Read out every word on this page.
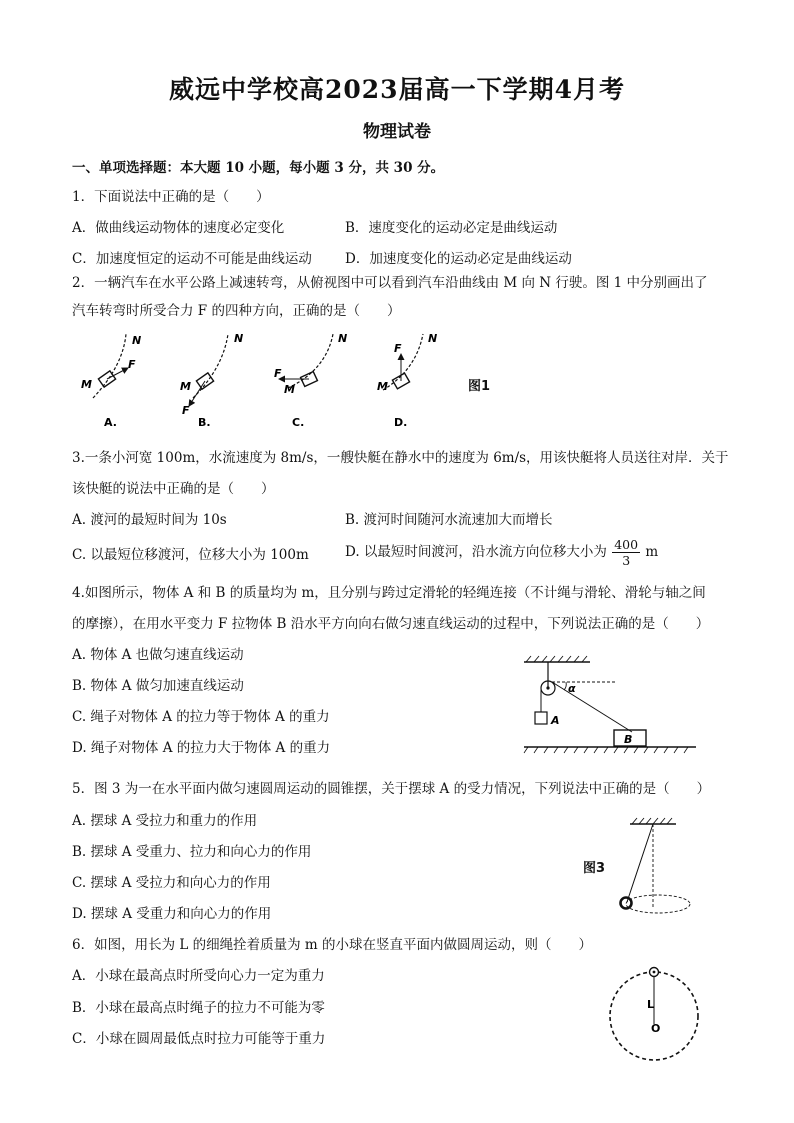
威远中学校高2023届高一下学期4月考
物理试卷
一、单项选择题：本大题 10 小题，每小题 3 分，共 30 分。
1．下面说法中正确的是（　　）
A．做曲线运动物体的速度必定变化	B．速度变化的运动必定是曲线运动
C．加速度恒定的运动不可能是曲线运动 D．加速度变化的运动必定是曲线运动
2．一辆汽车在水平公路上减速转弯，从俯视图中可以看到汽车沿曲线由 M 向 N 行驶。图 1 中分别画出了
汽车转弯时所受合力 F 的四种方向，正确的是（　　）
M
N
F
A.
M
N
F
B.
F
M
N
C.
F
M
N
D.
图1
3.一条小河宽 100m，水流速度为 8m/s，一艘快艇在静水中的速度为 6m/s，用该快艇将人员送往对岸．关于
该快艇的说法中正确的是（　　）
A. 渡河的最短时间为 10s	B. 渡河时间随河水流速加大而增长
C. 以最短位移渡河，位移大小为 100m	D. 以最短时间渡河，沿水流方向位移大小为 $\frac{400}{3}$ m
4.如图所示，物体 A 和 B 的质量均为 m，且分别与跨过定滑轮的轻绳连接（不计绳与滑轮、滑轮与轴之间
的摩擦），在用水平变力 F 拉物体 B 沿水平方向向右做匀速直线运动的过程中，下列说法正确的是（　　）
A. 物体 A 也做匀速直线运动
B. 物体 A 做匀加速直线运动
C. 绳子对物体 A 的拉力等于物体 A 的重力
D. 绳子对物体 A 的拉力大于物体 A 的重力
A
α
B
5．图 3 为一在水平面内做匀速圆周运动的圆锥摆，关于摆球 A 的受力情况，下列说法中正确的是（　　）
A. 摆球 A 受拉力和重力的作用
B. 摆球 A 受重力、拉力和向心力的作用
C. 摆球 A 受拉力和向心力的作用
D. 摆球 A 受重力和向心力的作用
图3
6．如图，用长为 L 的细绳拴着质量为 m 的小球在竖直平面内做圆周运动，则（　　）
A．小球在最高点时所受向心力一定为重力
B．小球在最高点时绳子的拉力不可能为零
C．小球在圆周最低点时拉力可能等于重力
L
O
